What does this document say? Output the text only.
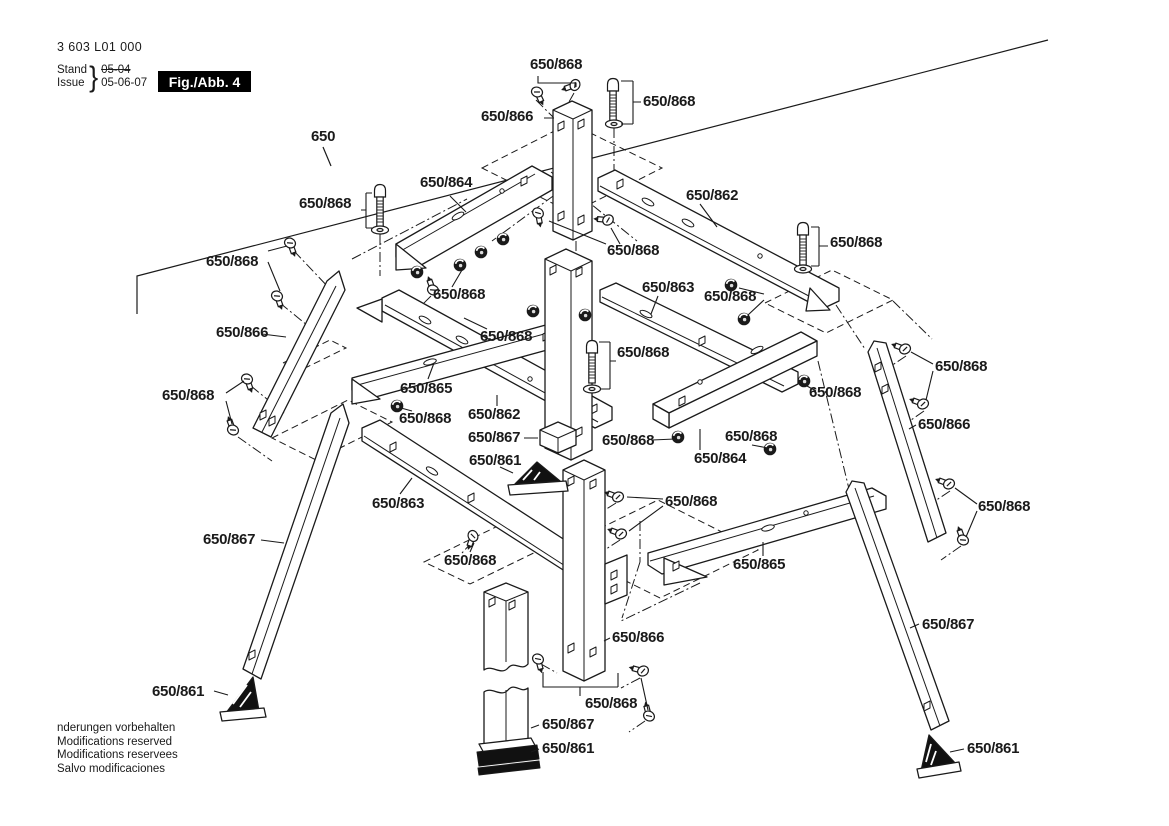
3 603 L01 000
Stand
Issue } 05-04
05-06-07	Fig./Abb. 4
650/868
650/868
650/866
650
650/864
650/862
650/868
650/868
650/868
650/868
650/863
650/868
650/868
650/866	650/868
650/868
650/868
650/865	650/868
650/868
650/862
650/868	650/866
650/867	650/868
650/868
650/861	650/864
650/863	650/868	650/868
650/867
650/868	650/865
650/866
650/867
650/868
650/861
650/867
650/861	650/861
nderungen vorbehalten
Modifications reserved
Modifications reservees
Salvo modificaciones
